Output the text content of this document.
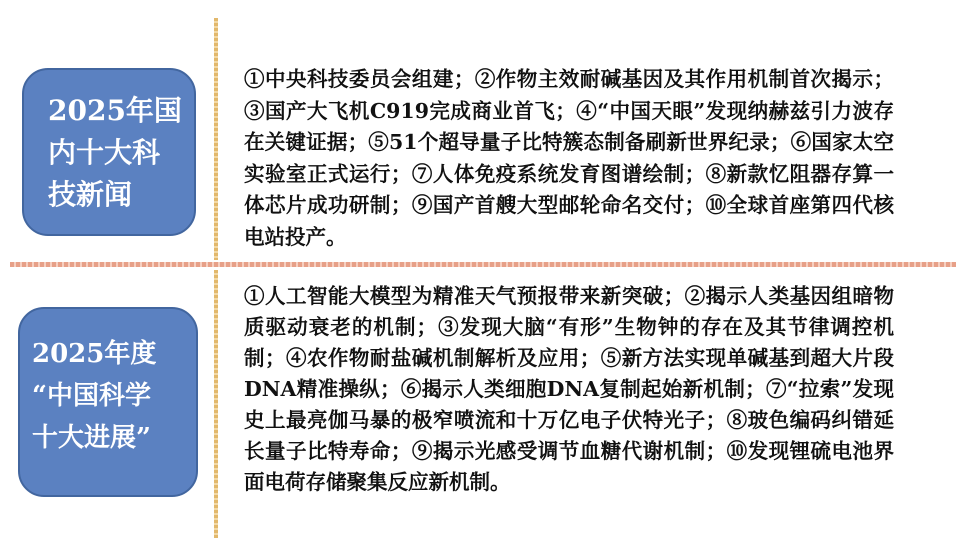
2025年国
内十大科
技新闻
①中央科技委员会组建；②作物主效耐碱基因及其作用机制首次揭示；③国产大飞机C919完成商业首飞；④“中国天眼”发现纳赫兹引力波存在关键证据；⑤51个超导量子比特簇态制备刷新世界纪录；⑥国家太空实验室正式运行；⑦人体免疫系统发育图谱绘制；⑧新款忆阻器存算一体芯片成功研制；⑨国产首艘大型邮轮命名交付；⑩全球首座第四代核电站投产。
2025年度
“中国科学
十大进展”
①人工智能大模型为精准天气预报带来新突破；②揭示人类基因组暗物质驱动衰老的机制；③发现大脑“有形”生物钟的存在及其节律调控机制；④农作物耐盐碱机制解析及应用；⑤新方法实现单碱基到超大片段DNA精准操纵；⑥揭示人类细胞DNA复制起始新机制；⑦“拉索”发现史上最亮伽马暴的极窄喷流和十万亿电子伏特光子；⑧玻色编码纠错延长量子比特寿命；⑨揭示光感受调节血糖代谢机制；⑩发现锂硫电池界面电荷存储聚集反应新机制。
